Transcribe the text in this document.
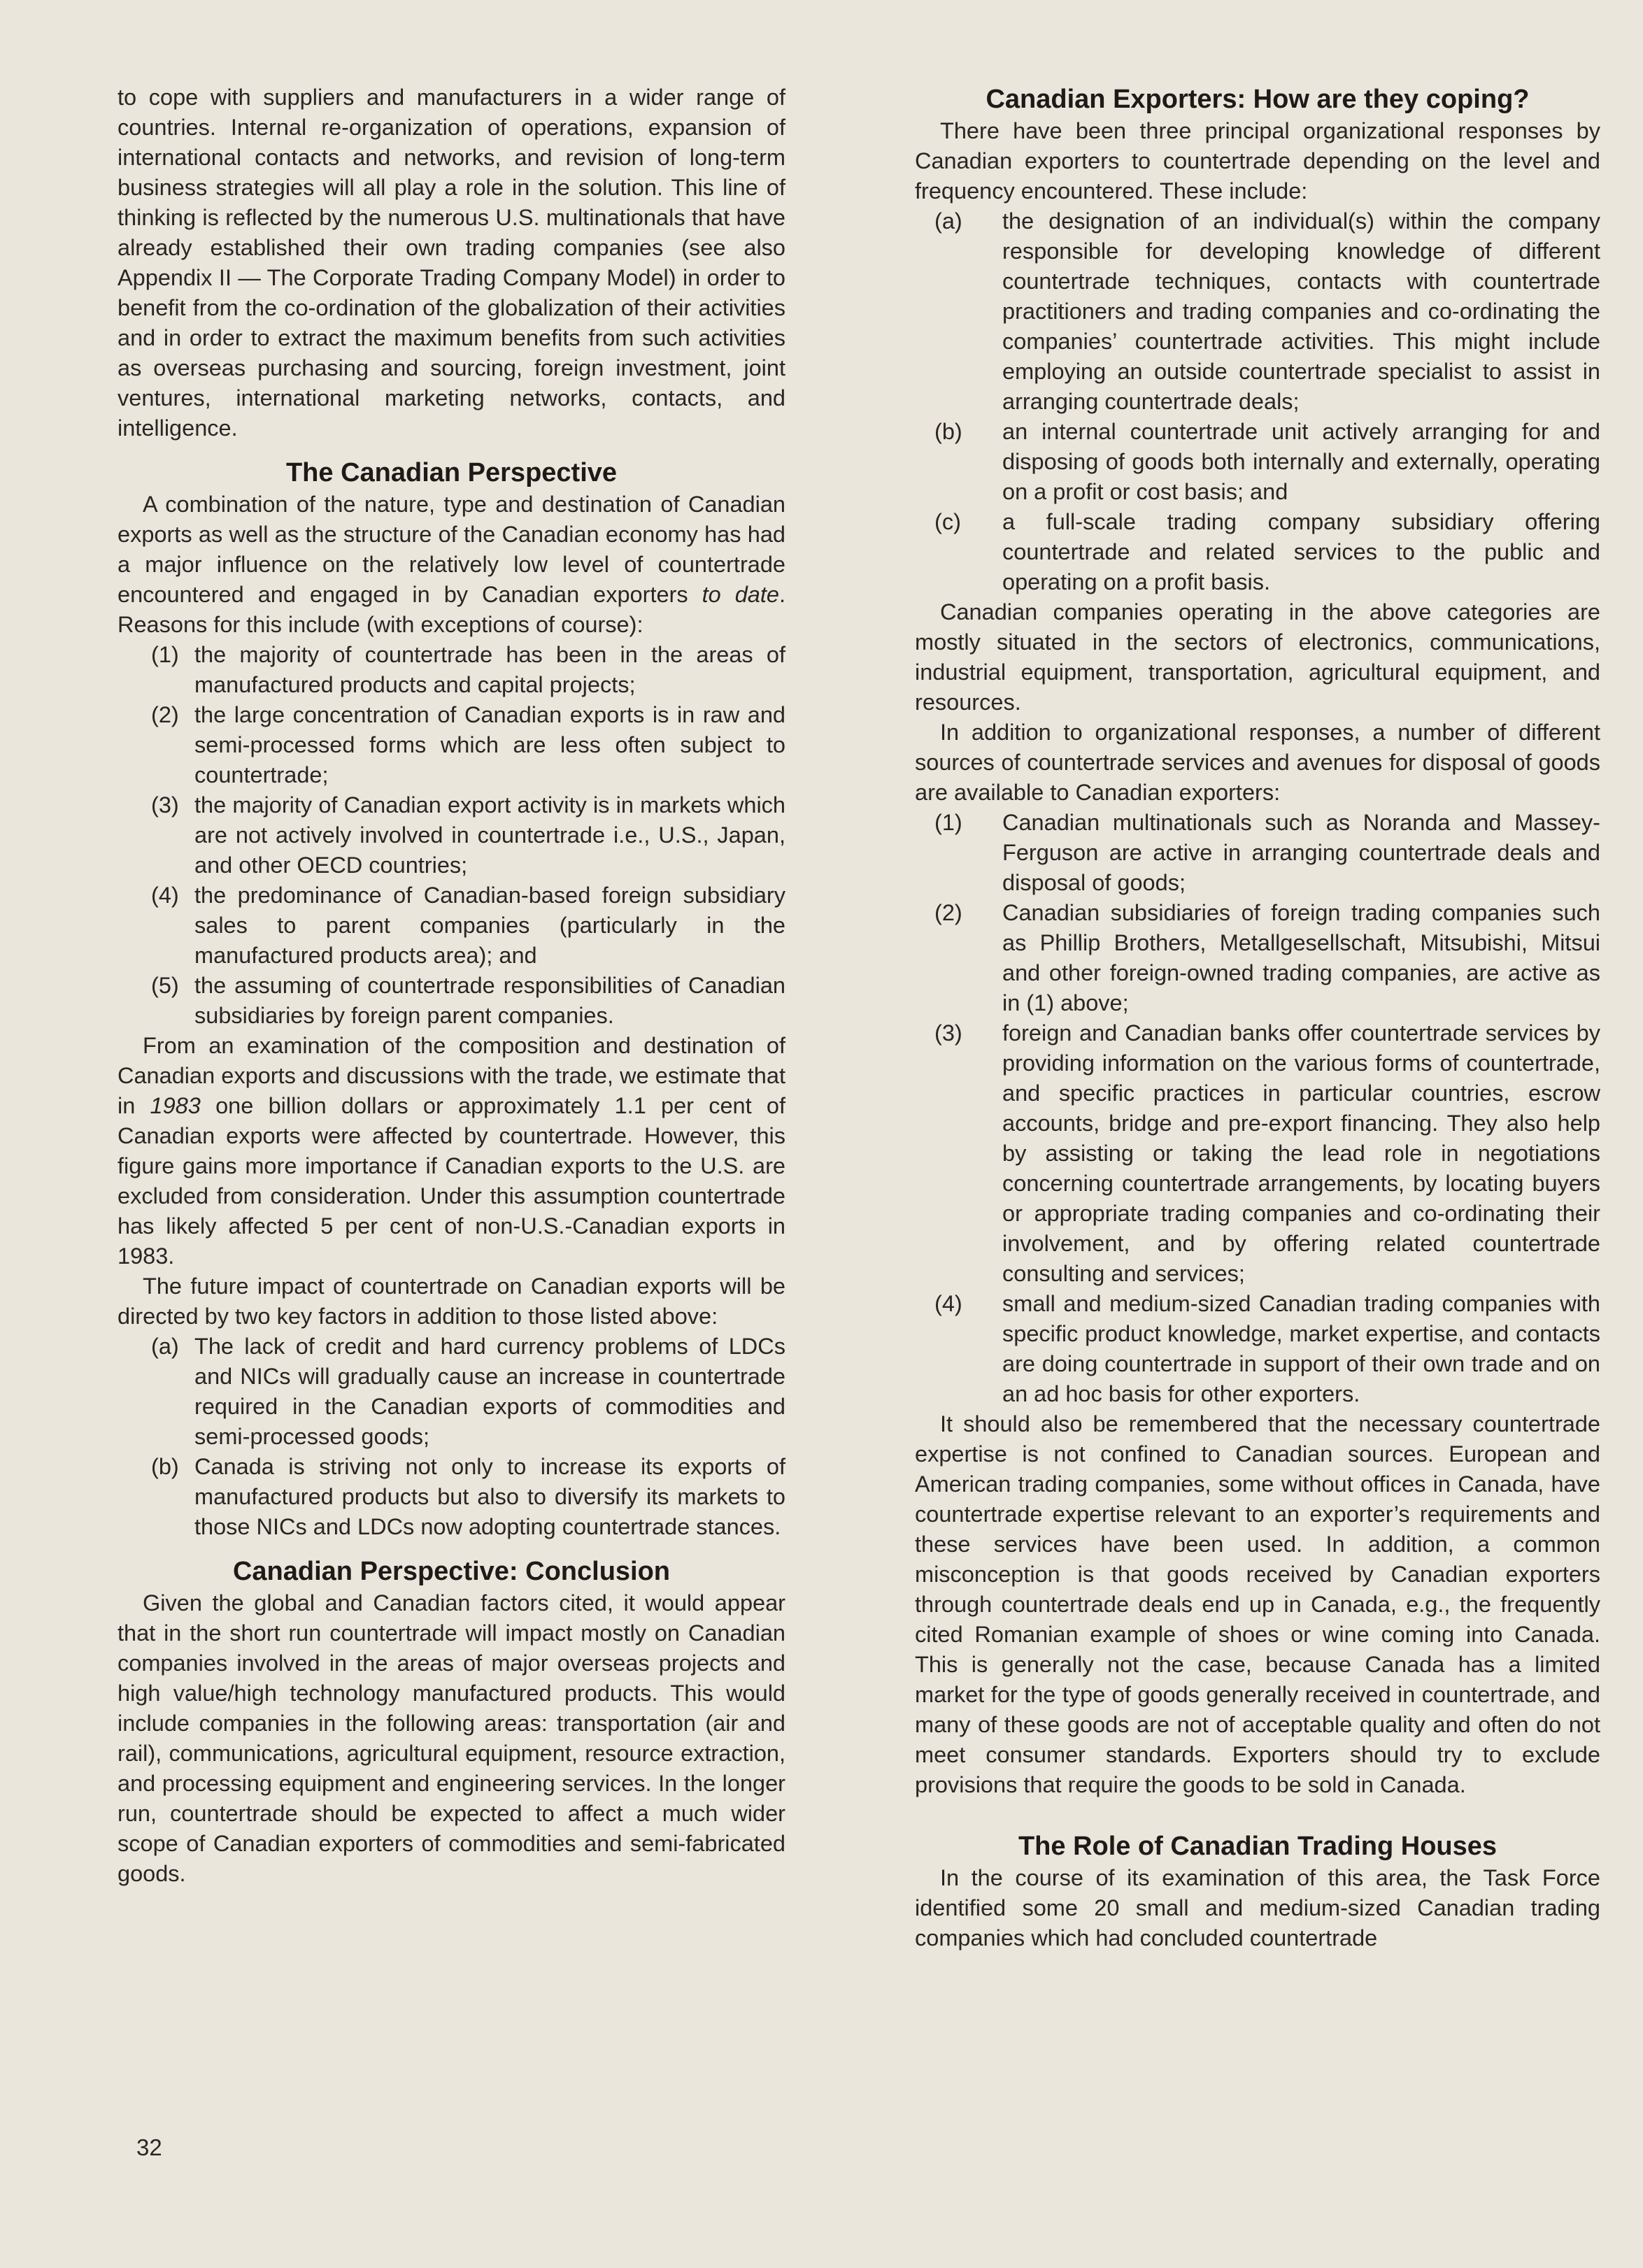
to cope with suppliers and manufacturers in a wider range of countries. Internal re-organization of operations, expansion of international contacts and networks, and revision of long-term business strategies will all play a role in the solution. This line of thinking is reflected by the numerous U.S. multinationals that have already established their own trading companies (see also Appendix II — The Corporate Trading Company Model) in order to benefit from the co-ordination of the globalization of their activities and in order to extract the maximum benefits from such activities as overseas purchasing and sourcing, foreign investment, joint ventures, international marketing networks, contacts, and intelligence.

The Canadian Perspective

A combination of the nature, type and destination of Canadian exports as well as the structure of the Canadian economy has had a major influence on the relatively low level of countertrade encountered and engaged in by Canadian exporters to date. Reasons for this include (with exceptions of course):

(1) the majority of countertrade has been in the areas of manufactured products and capital projects;
(2) the large concentration of Canadian exports is in raw and semi-processed forms which are less often subject to countertrade;
(3) the majority of Canadian export activity is in markets which are not actively involved in countertrade i.e., U.S., Japan, and other OECD countries;
(4) the predominance of Canadian-based foreign subsidiary sales to parent companies (particularly in the manufactured products area); and
(5) the assuming of countertrade responsibilities of Canadian subsidiaries by foreign parent companies.

From an examination of the composition and destination of Canadian exports and discussions with the trade, we estimate that in 1983 one billion dollars or approximately 1.1 per cent of Canadian exports were affected by countertrade. However, this figure gains more importance if Canadian exports to the U.S. are excluded from consideration. Under this assumption countertrade has likely affected 5 per cent of non-U.S.-Canadian exports in 1983.

The future impact of countertrade on Canadian exports will be directed by two key factors in addition to those listed above:

(a) The lack of credit and hard currency problems of LDCs and NICs will gradually cause an increase in countertrade required in the Canadian exports of commodities and semi-processed goods;
(b) Canada is striving not only to increase its exports of manufactured products but also to diversify its markets to those NICs and LDCs now adopting countertrade stances.
Canadian Perspective: Conclusion

Given the global and Canadian factors cited, it would appear that in the short run countertrade will impact mostly on Canadian companies involved in the areas of major overseas projects and high value/high technology manufactured products. This would include companies in the following areas: transportation (air and rail), communications, agricultural equipment, resource extraction, and processing equipment and engineering services. In the longer run, countertrade should be expected to affect a much wider scope of Canadian exporters of commodities and semi-fabricated goods.

Canadian Exporters: How are they coping?

There have been three principal organizational responses by Canadian exporters to countertrade depending on the level and frequency encountered. These include:

(a)	the designation of an individual(s) within the company responsible for developing knowledge of different countertrade techniques, contacts with countertrade practitioners and trading companies and co-ordinating the companies’ countertrade activities. This might include employing an outside countertrade specialist to assist in arranging countertrade deals;
(b)	an internal countertrade unit actively arranging for and disposing of goods both internally and externally, operating on a profit or cost basis; and
(c)	a full-scale trading company subsidiary offering countertrade and related services to the public and operating on a profit basis.

Canadian companies operating in the above categories are mostly situated in the sectors of electronics, communications, industrial equipment, transportation, agricultural equipment, and resources.

In addition to organizational responses, a number of different sources of countertrade services and avenues for disposal of goods are available to Canadian exporters:

(1)	Canadian multinationals such as Noranda and Massey-Ferguson are active in arranging countertrade deals and disposal of goods;
(2)	Canadian subsidiaries of foreign trading companies such as Phillip Brothers, Metallgesellschaft, Mitsubishi, Mitsui and other foreign-owned trading companies, are active as in (1) above;
(3)	foreign and Canadian banks offer countertrade services by providing information on the various forms of countertrade, and specific practices in particular countries, escrow accounts, bridge and pre-export financing. They also help by assisting or taking the lead role in negotiations concerning countertrade arrangements, by locating buyers or appropriate trading companies and co-ordinating their involvement, and by offering related countertrade consulting and services;
(4)	small and medium-sized Canadian trading companies with specific product knowledge, market expertise, and contacts are doing countertrade in support of their own trade and on an ad hoc basis for other exporters.

It should also be remembered that the necessary countertrade expertise is not confined to Canadian sources. European and American trading companies, some without offices in Canada, have countertrade expertise relevant to an exporter’s requirements and these services have been used. In addition, a common misconception is that goods received by Canadian exporters through countertrade deals end up in Canada, e.g., the frequently cited Romanian example of shoes or wine coming into Canada. This is generally not the case, because Canada has a limited market for the type of goods generally received in countertrade, and many of these goods are not of acceptable quality and often do not meet consumer standards. Exporters should try to exclude provisions that require the goods to be sold in Canada.

The Role of Canadian Trading Houses

In the course of its examination of this area, the Task Force identified some 20 small and medium-sized Canadian trading companies which had concluded countertrade

32
